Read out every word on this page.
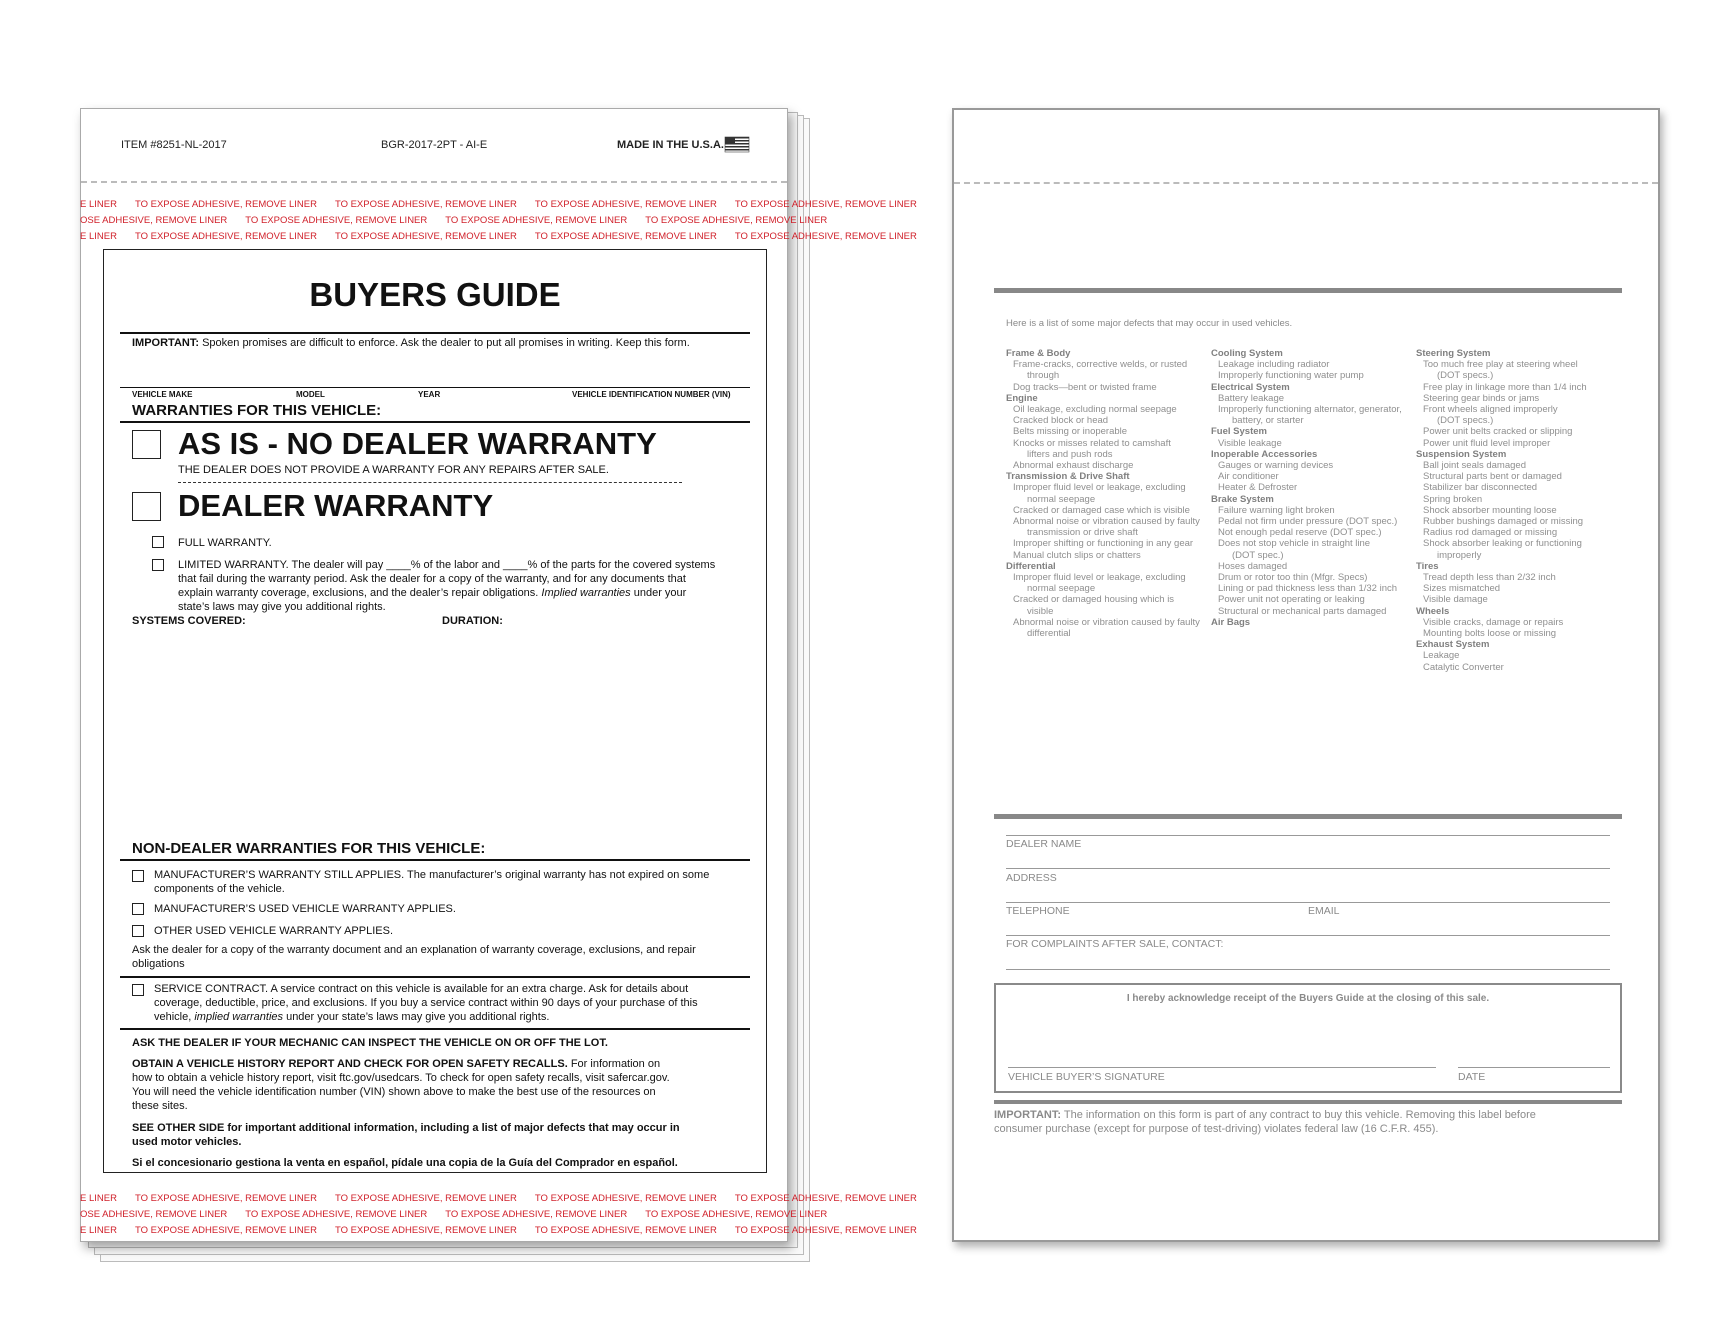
ITEM #8251-NL-2017	BGR-2017-2PT - AI-E	MADE IN THE U.S.A.
E LINER TO EXPOSE ADHESIVE, REMOVE LINER TO EXPOSE ADHESIVE, REMOVE LINER TO EXPOSE ADHESIVE, REMOVE LINER TO EXPOSE ADHESIVE, REMOVE LINER
OSE ADHESIVE, REMOVE LINER TO EXPOSE ADHESIVE, REMOVE LINER TO EXPOSE ADHESIVE, REMOVE LINER TO EXPOSE ADHESIVE, REMOVE LINER
E LINER TO EXPOSE ADHESIVE, REMOVE LINER TO EXPOSE ADHESIVE, REMOVE LINER TO EXPOSE ADHESIVE, REMOVE LINER TO EXPOSE ADHESIVE, REMOVE LINER
BUYERS GUIDE
IMPORTANT: Spoken promises are difficult to enforce. Ask the dealer to put all promises in writing. Keep this form.
VEHICLE MAKE	MODEL	YEAR	VEHICLE IDENTIFICATION NUMBER (VIN)
WARRANTIES FOR THIS VEHICLE:
AS IS - NO DEALER WARRANTY
THE DEALER DOES NOT PROVIDE A WARRANTY FOR ANY REPAIRS AFTER SALE.
DEALER WARRANTY
FULL WARRANTY.
LIMITED WARRANTY. The dealer will pay ____% of the labor and ____% of the parts for the covered systems
that fail during the warranty period. Ask the dealer for a copy of the warranty, and for any documents that
explain warranty coverage, exclusions, and the dealer’s repair obligations. Implied warranties under your
state’s laws may give you additional rights.
SYSTEMS COVERED:	DURATION:
NON-DEALER WARRANTIES FOR THIS VEHICLE:
MANUFACTURER’S WARRANTY STILL APPLIES. The manufacturer’s original warranty has not expired on some
components of the vehicle.
MANUFACTURER’S USED VEHICLE WARRANTY APPLIES.
OTHER USED VEHICLE WARRANTY APPLIES.
Ask the dealer for a copy of the warranty document and an explanation of warranty coverage, exclusions, and repair
obligations
SERVICE CONTRACT. A service contract on this vehicle is available for an extra charge. Ask for details about
coverage, deductible, price, and exclusions. If you buy a service contract within 90 days of your purchase of this
vehicle, implied warranties under your state’s laws may give you additional rights.
ASK THE DEALER IF YOUR MECHANIC CAN INSPECT THE VEHICLE ON OR OFF THE LOT.
OBTAIN A VEHICLE HISTORY REPORT AND CHECK FOR OPEN SAFETY RECALLS. For information on
how to obtain a vehicle history report, visit ftc.gov/usedcars. To check for open safety recalls, visit safercar.gov.
You will need the vehicle identification number (VIN) shown above to make the best use of the resources on
these sites.
SEE OTHER SIDE for important additional information, including a list of major defects that may occur in
used motor vehicles.
Si el concesionario gestiona la venta en español, pídale una copia de la Guía del Comprador en español.
E LINER TO EXPOSE ADHESIVE, REMOVE LINER TO EXPOSE ADHESIVE, REMOVE LINER TO EXPOSE ADHESIVE, REMOVE LINER TO EXPOSE ADHESIVE, REMOVE LINER
OSE ADHESIVE, REMOVE LINER TO EXPOSE ADHESIVE, REMOVE LINER TO EXPOSE ADHESIVE, REMOVE LINER TO EXPOSE ADHESIVE, REMOVE LINER
E LINER TO EXPOSE ADHESIVE, REMOVE LINER TO EXPOSE ADHESIVE, REMOVE LINER TO EXPOSE ADHESIVE, REMOVE LINER TO EXPOSE ADHESIVE, REMOVE LINER
Here is a list of some major defects that may occur in used vehicles.
Frame & Body
Frame-cracks, corrective welds, or rusted
through
Dog tracks—bent or twisted frame
Engine
Oil leakage, excluding normal seepage
Cracked block or head
Belts missing or inoperable
Knocks or misses related to camshaft
lifters and push rods
Abnormal exhaust discharge
Transmission & Drive Shaft
Improper fluid level or leakage, excluding
normal seepage
Cracked or damaged case which is visible
Abnormal noise or vibration caused by faulty
transmission or drive shaft
Improper shifting or functioning in any gear
Manual clutch slips or chatters
Differential
Improper fluid level or leakage, excluding
normal seepage
Cracked or damaged housing which is
visible
Abnormal noise or vibration caused by faulty
differential
Cooling System
Leakage including radiator
Improperly functioning water pump
Electrical System
Battery leakage
Improperly functioning alternator, generator,
battery, or starter
Fuel System
Visible leakage
Inoperable Accessories
Gauges or warning devices
Air conditioner
Heater & Defroster
Brake System
Failure warning light broken
Pedal not firm under pressure (DOT spec.)
Not enough pedal reserve (DOT spec.)
Does not stop vehicle in straight line
(DOT spec.)
Hoses damaged
Drum or rotor too thin (Mfgr. Specs)
Lining or pad thickness less than 1/32 inch
Power unit not operating or leaking
Structural or mechanical parts damaged
Air Bags
Steering System
Too much free play at steering wheel
(DOT specs.)
Free play in linkage more than 1/4 inch
Steering gear binds or jams
Front wheels aligned improperly
(DOT specs.)
Power unit belts cracked or slipping
Power unit fluid level improper
Suspension System
Ball joint seals damaged
Structural parts bent or damaged
Stabilizer bar disconnected
Spring broken
Shock absorber mounting loose
Rubber bushings damaged or missing
Radius rod damaged or missing
Shock absorber leaking or functioning
improperly
Tires
Tread depth less than 2/32 inch
Sizes mismatched
Visible damage
Wheels
Visible cracks, damage or repairs
Mounting bolts loose or missing
Exhaust System
Leakage
Catalytic Converter
DEALER NAME
ADDRESS
TELEPHONE	EMAIL
FOR COMPLAINTS AFTER SALE, CONTACT:
I hereby acknowledge receipt of the Buyers Guide at the closing of this sale.
VEHICLE BUYER’S SIGNATURE	DATE
IMPORTANT: The information on this form is part of any contract to buy this vehicle. Removing this label before
consumer purchase (except for purpose of test-driving) violates federal law (16 C.F.R. 455).
